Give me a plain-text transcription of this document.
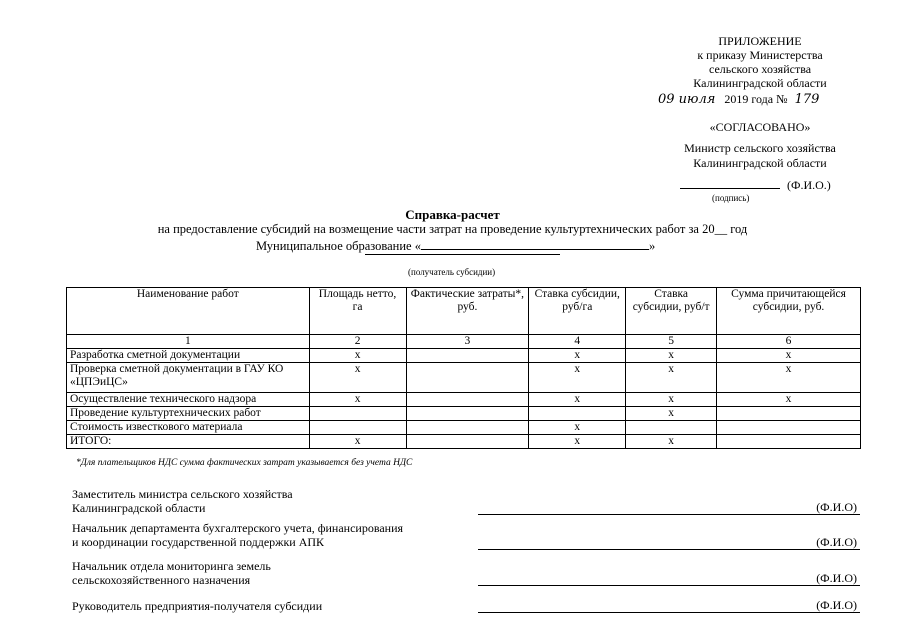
ПРИЛОЖЕНИЕ
к приказу Министерства
сельского хозяйства
Калининградской области
09 июля 2019 года № 179
«СОГЛАСОВАНО»
Министр сельского хозяйства
Калининградской области
(Ф.И.О.)
(подпись)
Справка-расчет
на предоставление субсидий на возмещение части затрат на проведение культуртехнических работ за 20__ год
Муниципальное образование «	»
(получатель субсидии)
Наименование работ	Площадь нетто, га	Фактические затраты*, руб.	Ставка субсидии, руб/га	Ставка субсидии, руб/т	Сумма причитающейся субсидии, руб.
1	2	3	4	5	6
Разработка сметной документации	x		x	x	x
Проверка сметной документации в ГАУ КО «ЦПЭиЦС»	x		x	x	x
Осуществление технического надзора	x		x	x	x
Проведение культуртехнических работ				x	
Стоимость известкового материала			x		
ИТОГО:	x		x	x	
*Для плательщиков НДС сумма фактических затрат указывается без учета НДС
Заместитель министра сельского хозяйства
Калининградской области	(Ф.И.О)
Начальник департамента бухгалтерского учета, финансирования
и координации государственной поддержки АПК	(Ф.И.О)
Начальник отдела мониторинга земель
сельскохозяйственного назначения	(Ф.И.О)
Руководитель предприятия-получателя субсидии	(Ф.И.О)
